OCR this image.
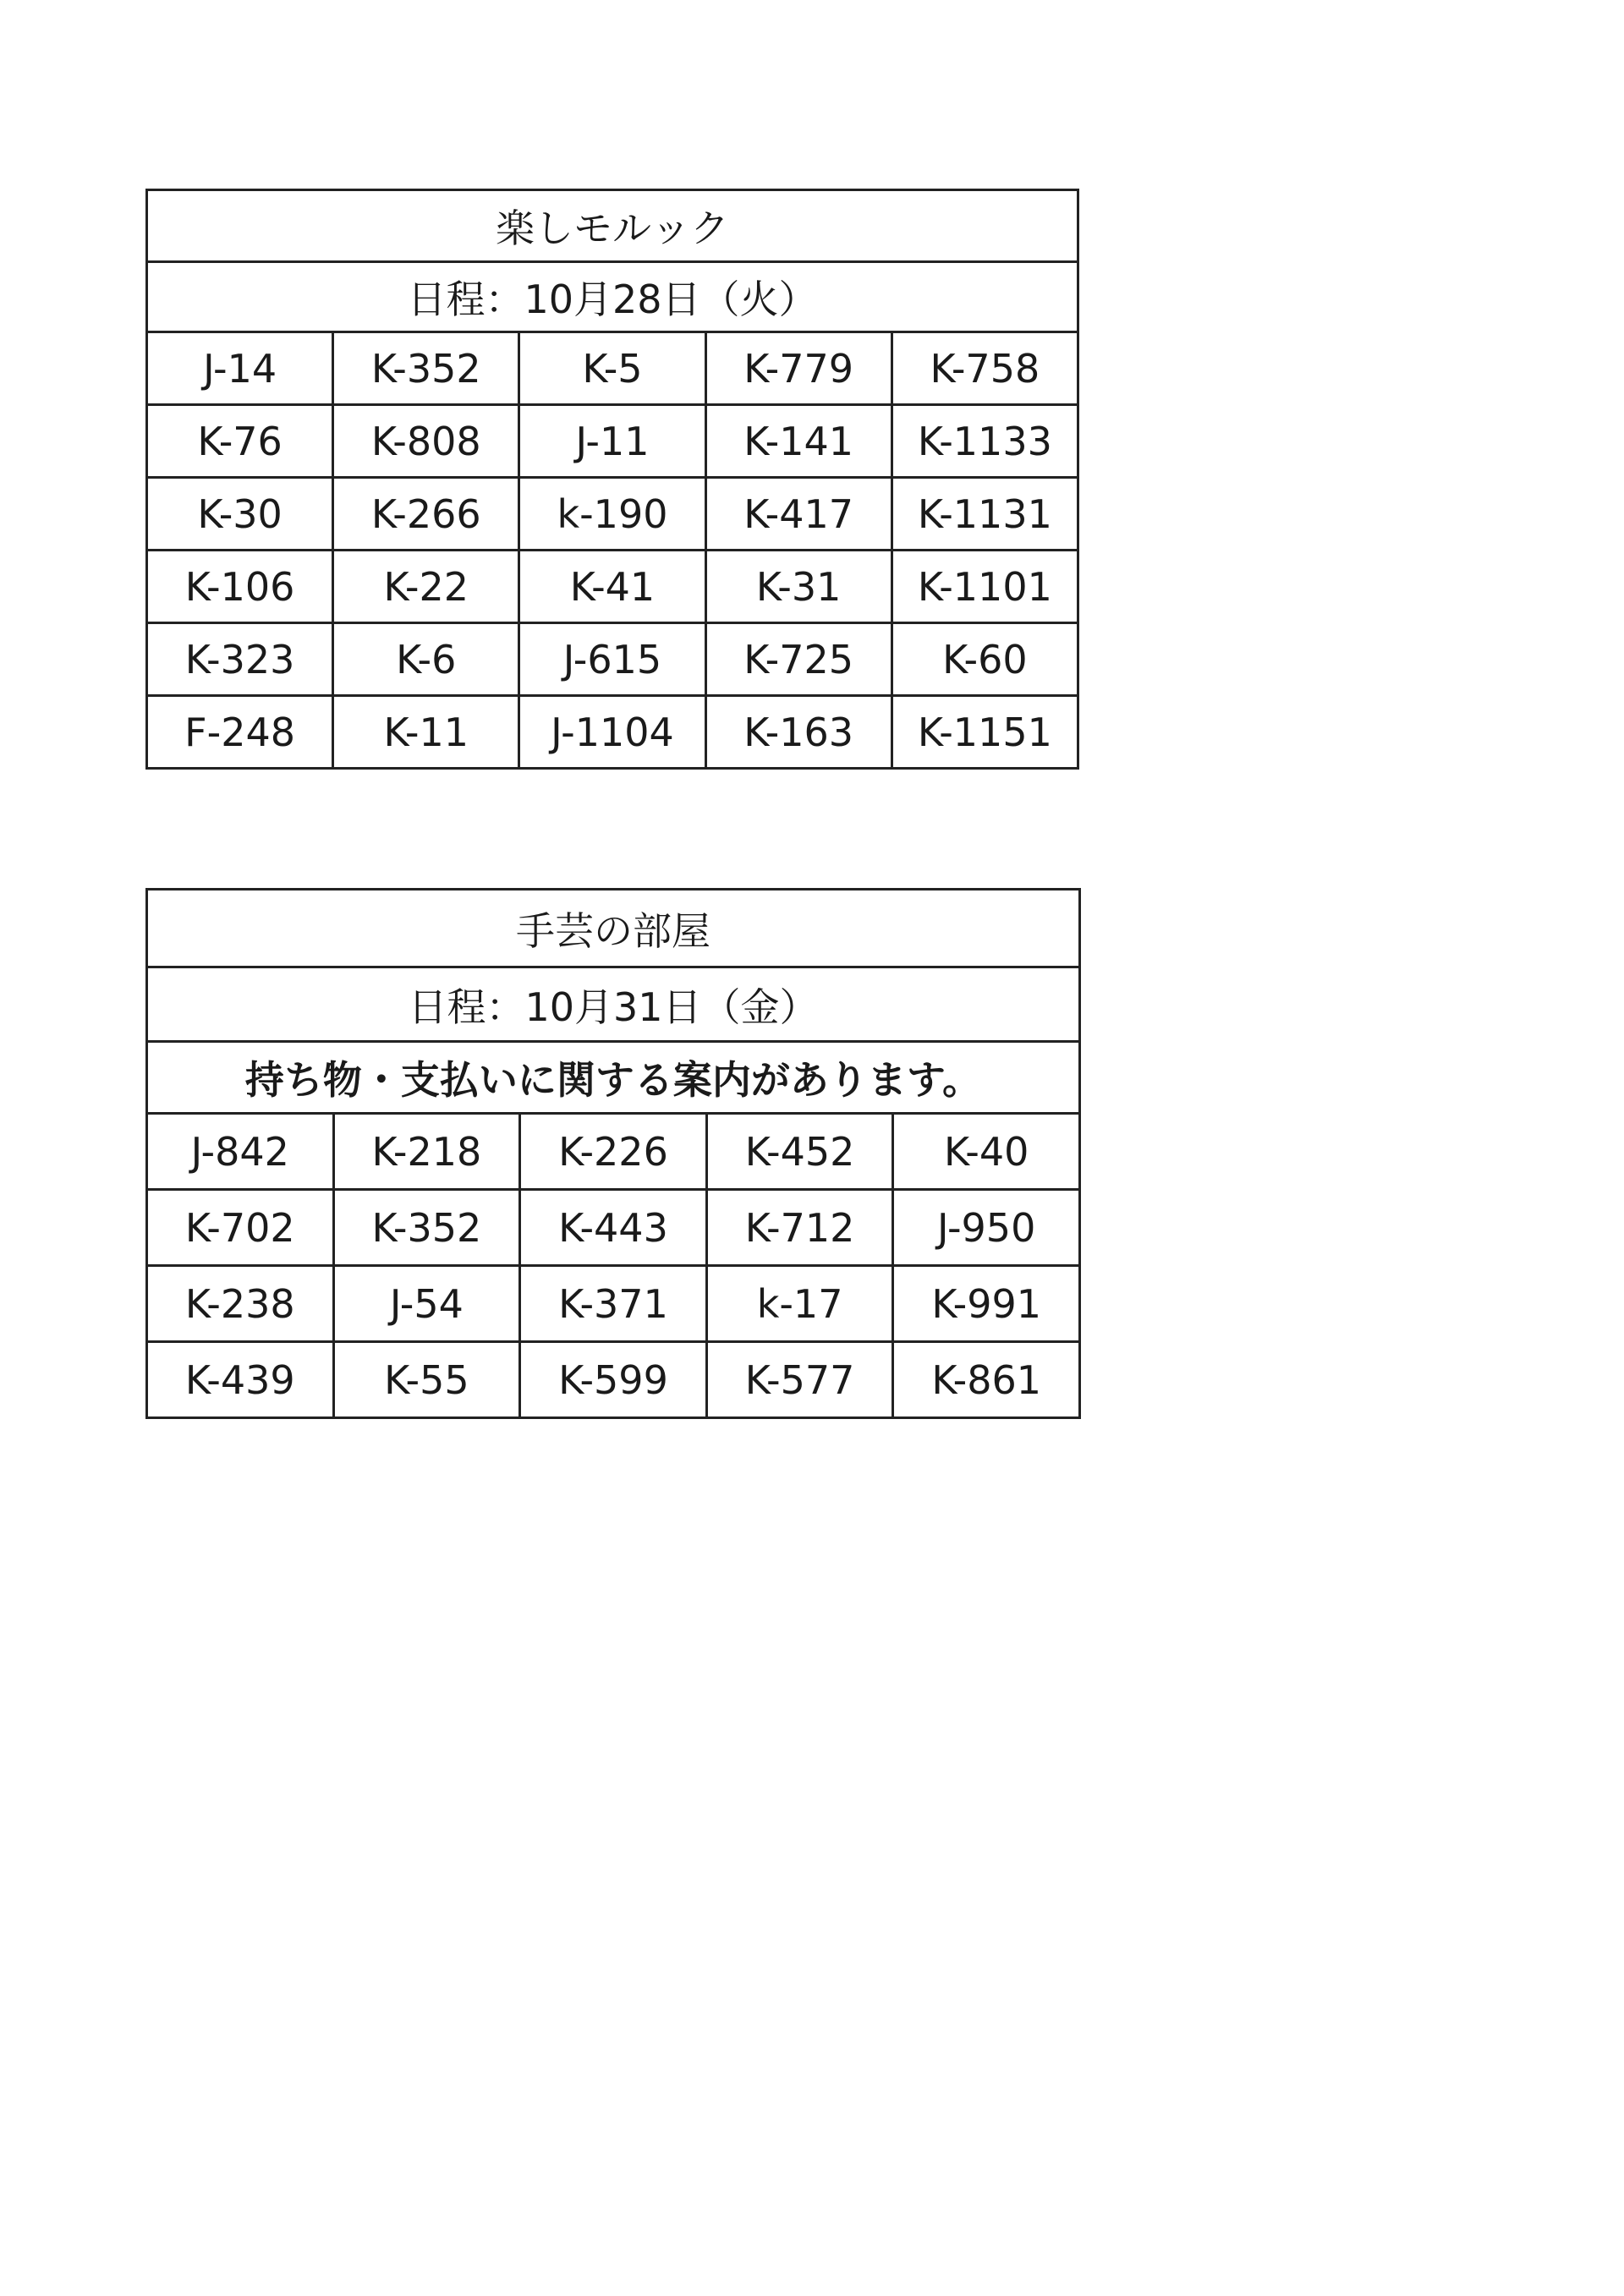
楽しモルック				
日程：10月28日（火）				
J-14	K-352	K-5	K-779	K-758
K-76	K-808	J-11	K-141	K-1133
K-30	K-266	k-190	K-417	K-1131
K-106	K-22	K-41	K-31	K-1101
K-323	K-6	J-615	K-725	K-60
F-248	K-11	J-1104	K-163	K-1151
手芸の部屋				
日程：10月31日（金）				
持ち物・支払いに関する案内があります。				
J-842	K-218	K-226	K-452	K-40
K-702	K-352	K-443	K-712	J-950
K-238	J-54	K-371	k-17	K-991
K-439	K-55	K-599	K-577	K-861
